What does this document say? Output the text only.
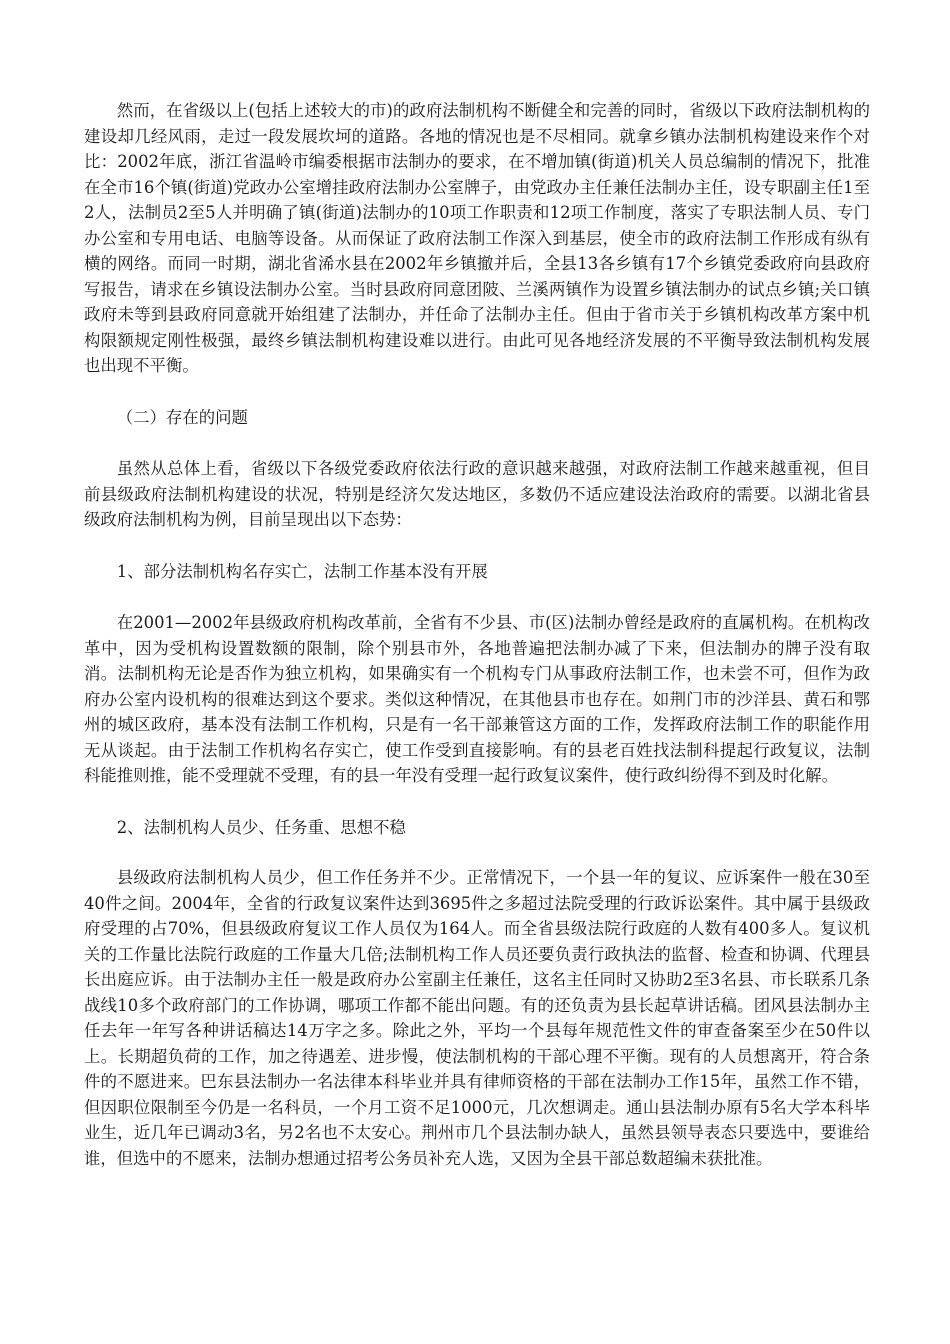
然而，在省级以上(包括上述较大的市)的政府法制机构不断健全和完善的同时，省级以下政府法制机构的建设却几经风雨，走过一段发展坎坷的道路。各地的情况也是不尽相同。就拿乡镇办法制机构建设来作个对比：2002年底，浙江省温岭市编委根据市法制办的要求，在不增加镇(街道)机关人员总编制的情况下，批准在全市16个镇(街道)党政办公室增挂政府法制办公室牌子，由党政办主任兼任法制办主任，设专职副主任1至2人，法制员2至5人并明确了镇(街道)法制办的10项工作职责和12项工作制度，落实了专职法制人员、专门办公室和专用电话、电脑等设备。从而保证了政府法制工作深入到基层，使全市的政府法制工作形成有纵有横的网络。而同一时期，湖北省浠水县在2002年乡镇撤并后，全县13各乡镇有17个乡镇党委政府向县政府写报告，请求在乡镇设法制办公室。当时县政府同意团陂、兰溪两镇作为设置乡镇法制办的试点乡镇;关口镇政府未等到县政府同意就开始组建了法制办，并任命了法制办主任。但由于省市关于乡镇机构改革方案中机构限额规定刚性极强，最终乡镇法制机构建设难以进行。由此可见各地经济发展的不平衡导致法制机构发展也出现不平衡。

（二）存在的问题

虽然从总体上看，省级以下各级党委政府依法行政的意识越来越强，对政府法制工作越来越重视，但目前县级政府法制机构建设的状况，特别是经济欠发达地区，多数仍不适应建设法治政府的需要。以湖北省县级政府法制机构为例，目前呈现出以下态势：

1、部分法制机构名存实亡，法制工作基本没有开展

在2001—2002年县级政府机构改革前，全省有不少县、市(区)法制办曾经是政府的直属机构。在机构改革中，因为受机构设置数额的限制，除个别县市外，各地普遍把法制办减了下来，但法制办的牌子没有取消。法制机构无论是否作为独立机构，如果确实有一个机构专门从事政府法制工作，也未尝不可，但作为政府办公室内设机构的很难达到这个要求。类似这种情况，在其他县市也存在。如荆门市的沙洋县、黄石和鄂州的城区政府，基本没有法制工作机构，只是有一名干部兼管这方面的工作，发挥政府法制工作的职能作用无从谈起。由于法制工作机构名存实亡，使工作受到直接影响。有的县老百姓找法制科提起行政复议，法制科能推则推，能不受理就不受理，有的县一年没有受理一起行政复议案件，使行政纠纷得不到及时化解。

2、法制机构人员少、任务重、思想不稳

县级政府法制机构人员少，但工作任务并不少。正常情况下，一个县一年的复议、应诉案件一般在30至40件之间。2004年，全省的行政复议案件达到3695件之多超过法院受理的行政诉讼案件。其中属于县级政府受理的占70%，但县级政府复议工作人员仅为164人。而全省县级法院行政庭的人数有400多人。复议机关的工作量比法院行政庭的工作量大几倍;法制机构工作人员还要负责行政执法的监督、检查和协调、代理县长出庭应诉。由于法制办主任一般是政府办公室副主任兼任，这名主任同时又协助2至3名县、市长联系几条战线10多个政府部门的工作协调，哪项工作都不能出问题。有的还负责为县长起草讲话稿。团风县法制办主任去年一年写各种讲话稿达14万字之多。除此之外，平均一个县每年规范性文件的审查备案至少在50件以上。长期超负荷的工作，加之待遇差、进步慢，使法制机构的干部心理不平衡。现有的人员想离开，符合条件的不愿进来。巴东县法制办一名法律本科毕业并具有律师资格的干部在法制办工作15年，虽然工作不错，但因职位限制至今仍是一名科员，一个月工资不足1000元，几次想调走。通山县法制办原有5名大学本科毕业生，近几年已调动3名，另2名也不太安心。荆州市几个县法制办缺人，虽然县领导表态只要选中，要谁给谁，但选中的不愿来，法制办想通过招考公务员补充人选，又因为全县干部总数超编未获批准。
